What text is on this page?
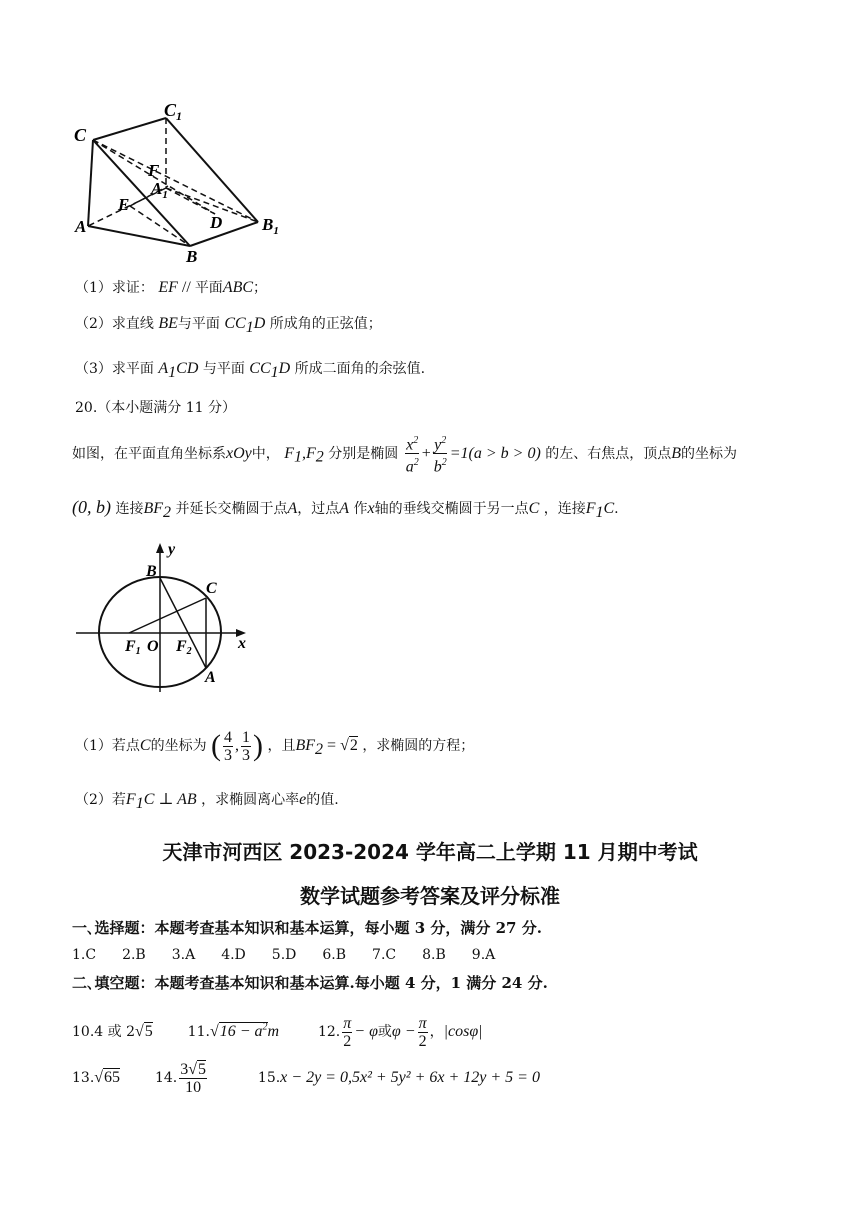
C
$C_1$
F
$A_1$
E
D
A
B
$B_1$
（1）求证： EF // 平面ABC；
（2）求直线 BE与平面 $CC_1D$ 所成角的正弦值；
（3）求平面 $A_1CD$ 与平面 $CC_1D$ 所成二面角的余弦值.
20.（本小题满分 11 分）
如图，在平面直角坐标系xOy中， $F_1,F_2$ 分别是椭圆 $\frac{x^2}{a^2} + \frac{y^2}{b^2} =1(a > b > 0)$ 的左、右焦点，顶点B的坐标为
(0, b) 连接$BF_2$ 并延长交椭圆于点A，过点A 作x轴的垂线交椭圆于另一点C ，连接$F_1C$.
y
B
C
x
F1 O F2
A
（1）若点C的坐标为 ( $\frac{4}{3}$ , $\frac{1}{3}$ ) ，且$BF_2 = √2$ ，求椭圆的方程；
（2）若$F_1C$ ⊥ AB ，求椭圆离心率e的值.
天津市河西区 2023-2024 学年高二上学期 11 月期中考试
数学试题参考答案及评分标准
一､选择题：本题考查基本知识和基本运算，每小题 3 分，满分 27 分.
1.C 2.B 3.A 4.D 5.D 6.B 7.C 8.B 9.A
二､填空题：本题考查基本知识和基本运算.每小题 4 分，1 满分 24 分.
10.4 或 2√5 $11.√16 - a^2m$	12. $\frac{\pi}{2} - \varphi$或$\varphi - \frac{\pi}{2}$ ，|cosφ|
13.√65 14. $\frac{3√5}{10}$	15.x − 2y = 0,5x² + 5y² + 6x + 12y + 5 = 0
